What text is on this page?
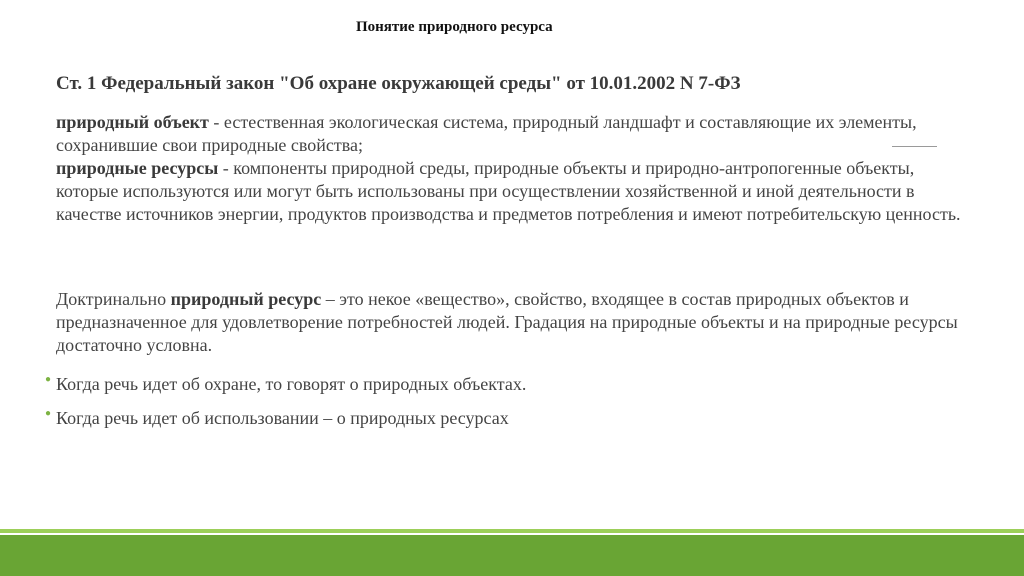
Понятие природного ресурса
Ст. 1 Федеральный закон "Об охране окружающей среды" от 10.01.2002 N 7-ФЗ

природный объект - естественная экологическая система, природный ландшафт и составляющие их элементы, сохранившие свои природные свойства;

природные ресурсы - компоненты природной среды, природные объекты и природно-антропогенные объекты, которые используются или могут быть использованы при осуществлении хозяйственной и иной деятельности в качестве источников энергии, продуктов производства и предметов потребления и имеют потребительскую ценность.

Доктринально природный ресурс – это некое «вещество», свойство, входящее в состав природных объектов и предназначенное для удовлетворение потребностей людей. Градация на природные объекты и на природные ресурсы достаточно условна.

● Когда речь идет об охране, то говорят о природных объектах.
● Когда речь идет об использовании – о природных ресурсах
